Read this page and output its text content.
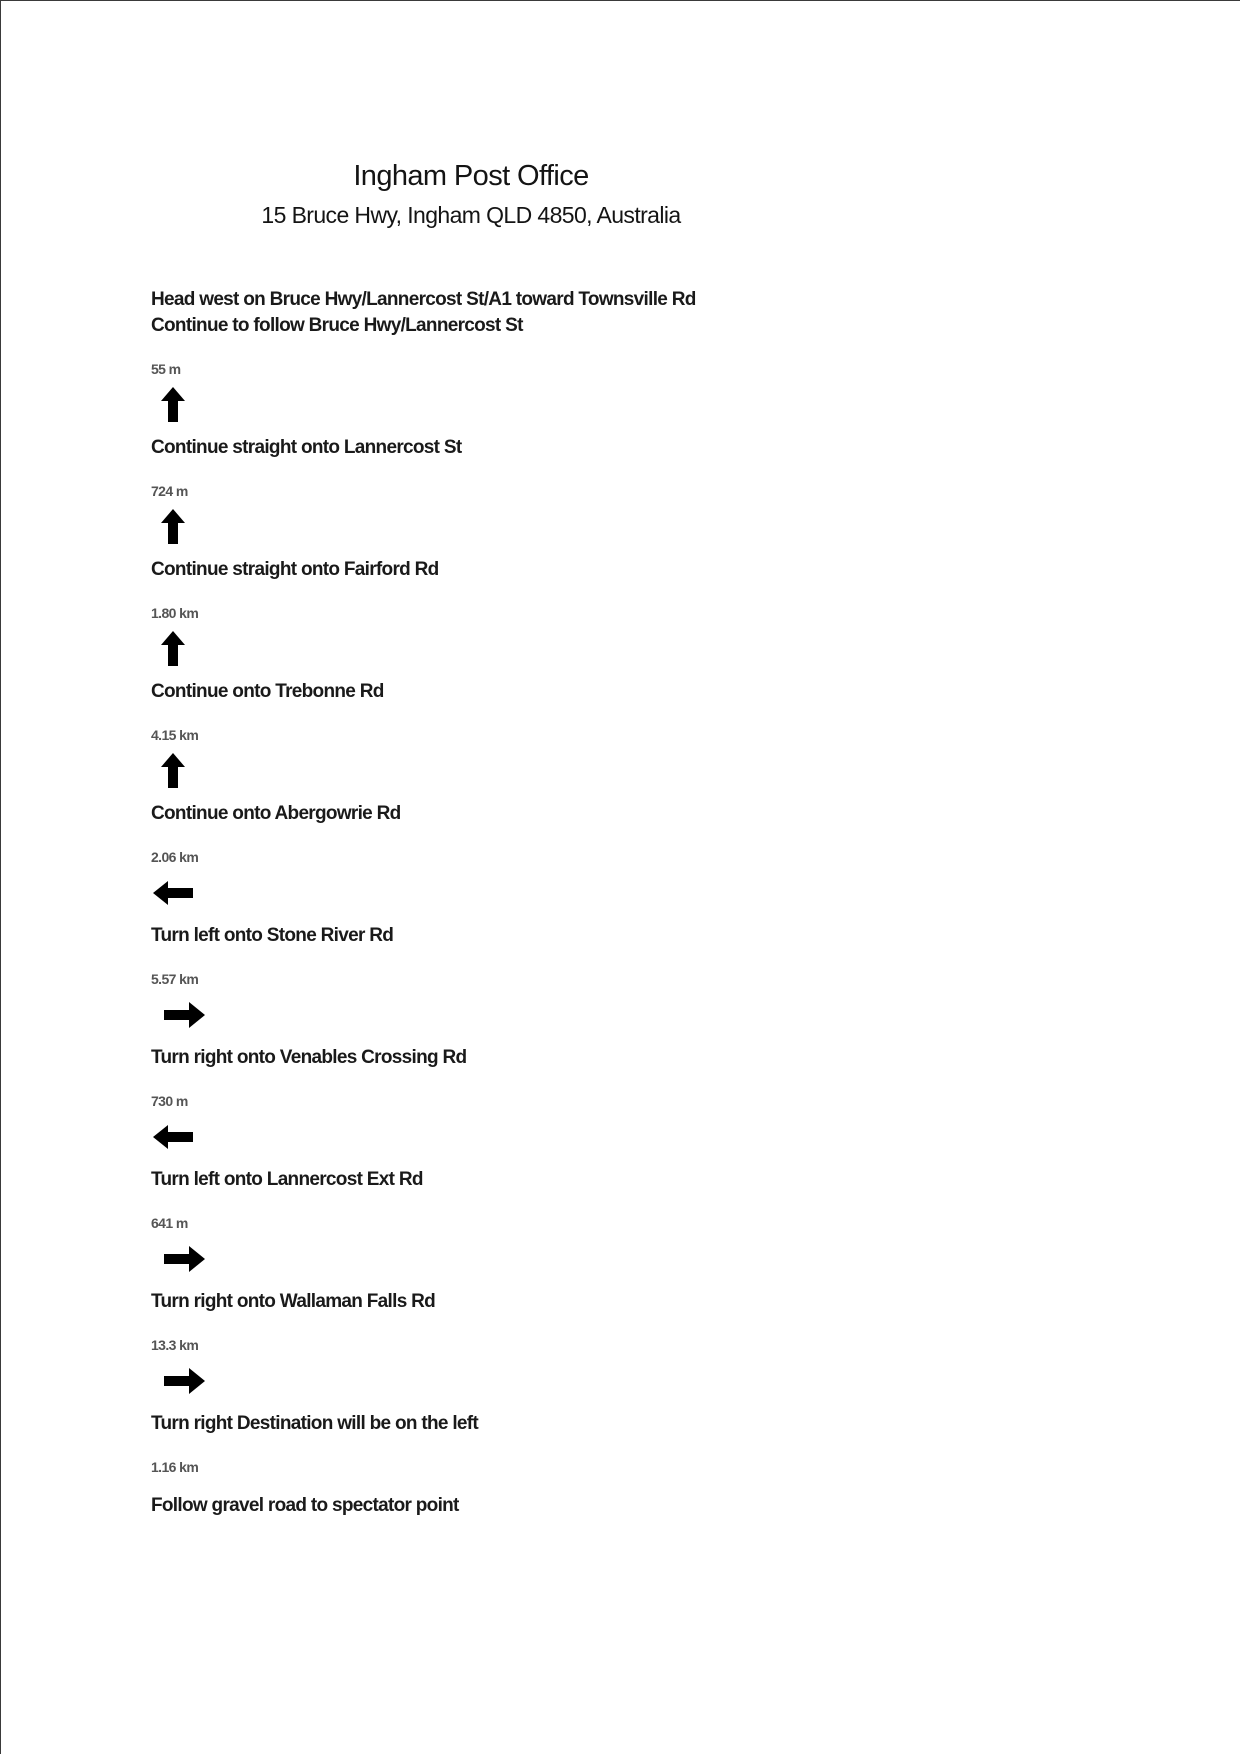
Ingham Post Office
15 Bruce Hwy, Ingham QLD 4850, Australia
Head west on Bruce Hwy/Lannercost St/A1 toward Townsville Rd
Continue to follow Bruce Hwy/Lannercost St
55 m
Continue straight onto Lannercost St
724 m
Continue straight onto Fairford Rd
1.80 km
Continue onto Trebonne Rd
4.15 km
Continue onto Abergowrie Rd
2.06 km
Turn left onto Stone River Rd
5.57 km
Turn right onto Venables Crossing Rd
730 m
Turn left onto Lannercost Ext Rd
641 m
Turn right onto Wallaman Falls Rd
13.3 km
Turn right Destination will be on the left
1.16 km
Follow gravel road to spectator point
